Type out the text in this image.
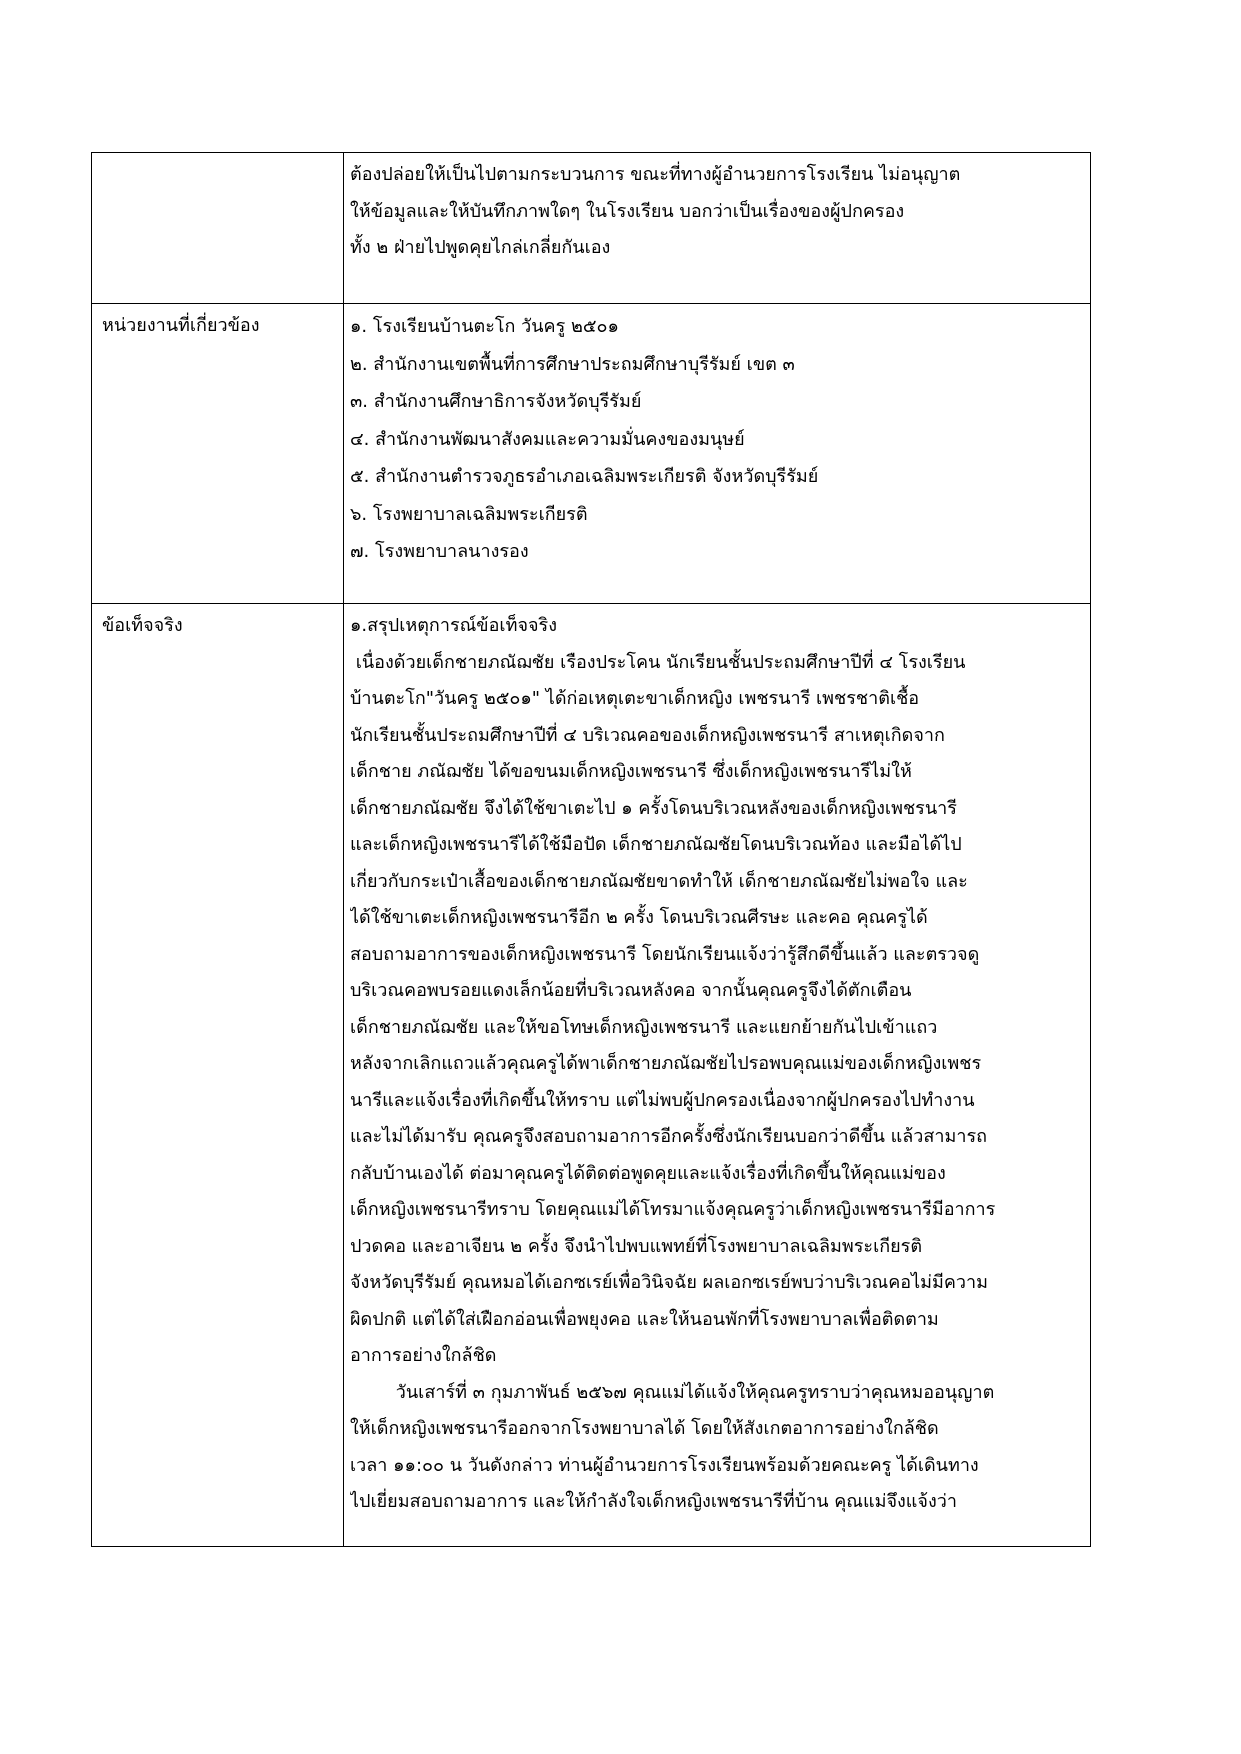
ต้องปล่อยให้เป็นไปตามกระบวนการ ขณะที่ทางผู้อำนวยการโรงเรียน ไม่อนุญาต
ให้ข้อมูลและให้บันทึกภาพใดๆ ในโรงเรียน บอกว่าเป็นเรื่องของผู้ปกครอง
ทั้ง ๒ ฝ่ายไปพูดคุยไกล่เกลี่ยกันเอง
หน่วยงานที่เกี่ยวข้อง	๑. โรงเรียนบ้านตะโก วันครู ๒๕๐๑
๒. สำนักงานเขตพื้นที่การศึกษาประถมศึกษาบุรีรัมย์ เขต ๓
๓. สำนักงานศึกษาธิการจังหวัดบุรีรัมย์
๔. สำนักงานพัฒนาสังคมและความมั่นคงของมนุษย์
๕. สำนักงานตำรวจภูธรอำเภอเฉลิมพระเกียรติ จังหวัดบุรีรัมย์
๖. โรงพยาบาลเฉลิมพระเกียรติ
๗. โรงพยาบาลนางรอง
ข้อเท็จจริง	๑.สรุปเหตุการณ์ข้อเท็จจริง
เนื่องด้วยเด็กชายภณัฌชัย เรืองประโคน นักเรียนชั้นประถมศึกษาปีที่ ๔ โรงเรียน
บ้านตะโก"วันครู ๒๕๐๑" ได้ก่อเหตุเตะขาเด็กหญิง เพชรนารี เพชรชาติเชื้อ
นักเรียนชั้นประถมศึกษาปีที่ ๔ บริเวณคอของเด็กหญิงเพชรนารี สาเหตุเกิดจาก
เด็กชาย ภณัฌชัย ได้ขอขนมเด็กหญิงเพชรนารี ซึ่งเด็กหญิงเพชรนารีไม่ให้
เด็กชายภณัฌชัย จึงได้ใช้ขาเตะไป ๑ ครั้งโดนบริเวณหลังของเด็กหญิงเพชรนารี
และเด็กหญิงเพชรนารีได้ใช้มือปัด เด็กชายภณัฌชัยโดนบริเวณท้อง และมือได้ไป
เกี่ยวกับกระเป๋าเสื้อของเด็กชายภณัฌชัยขาดทำให้ เด็กชายภณัฌชัยไม่พอใจ และ
ได้ใช้ขาเตะเด็กหญิงเพชรนารีอีก ๒ ครั้ง โดนบริเวณศีรษะ และคอ คุณครูได้
สอบถามอาการของเด็กหญิงเพชรนารี โดยนักเรียนแจ้งว่ารู้สึกดีขึ้นแล้ว และตรวจดู
บริเวณคอพบรอยแดงเล็กน้อยที่บริเวณหลังคอ จากนั้นคุณครูจึงได้ตักเตือน
เด็กชายภณัฌชัย และให้ขอโทษเด็กหญิงเพชรนารี และแยกย้ายกันไปเข้าแถว
หลังจากเลิกแถวแล้วคุณครูได้พาเด็กชายภณัฌชัยไปรอพบคุณแม่ของเด็กหญิงเพชร
นารีและแจ้งเรื่องที่เกิดขึ้นให้ทราบ แต่ไม่พบผู้ปกครองเนื่องจากผู้ปกครองไปทำงาน
และไม่ได้มารับ คุณครูจึงสอบถามอาการอีกครั้งซึ่งนักเรียนบอกว่าดีขึ้น แล้วสามารถ
กลับบ้านเองได้ ต่อมาคุณครูได้ติดต่อพูดคุยและแจ้งเรื่องที่เกิดขึ้นให้คุณแม่ของ
เด็กหญิงเพชรนารีทราบ โดยคุณแม่ได้โทรมาแจ้งคุณครูว่าเด็กหญิงเพชรนารีมีอาการ
ปวดคอ และอาเจียน ๒ ครั้ง จึงนำไปพบแพทย์ที่โรงพยาบาลเฉลิมพระเกียรติ
จังหวัดบุรีรัมย์ คุณหมอได้เอกซเรย์เพื่อวินิจฉัย ผลเอกซเรย์พบว่าบริเวณคอไม่มีความ
ผิดปกติ แต่ได้ใส่เฝือกอ่อนเพื่อพยุงคอ และให้นอนพักที่โรงพยาบาลเพื่อติดตาม
อาการอย่างใกล้ชิด
วันเสาร์ที่ ๓ กุมภาพันธ์ ๒๕๖๗ คุณแม่ได้แจ้งให้คุณครูทราบว่าคุณหมออนุญาต
ให้เด็กหญิงเพชรนารีออกจากโรงพยาบาลได้ โดยให้สังเกตอาการอย่างใกล้ชิด
เวลา ๑๑:๐๐ น วันดังกล่าว ท่านผู้อำนวยการโรงเรียนพร้อมด้วยคณะครู ได้เดินทาง
ไปเยี่ยมสอบถามอาการ และให้กำลังใจเด็กหญิงเพชรนารีที่บ้าน คุณแม่จึงแจ้งว่า
